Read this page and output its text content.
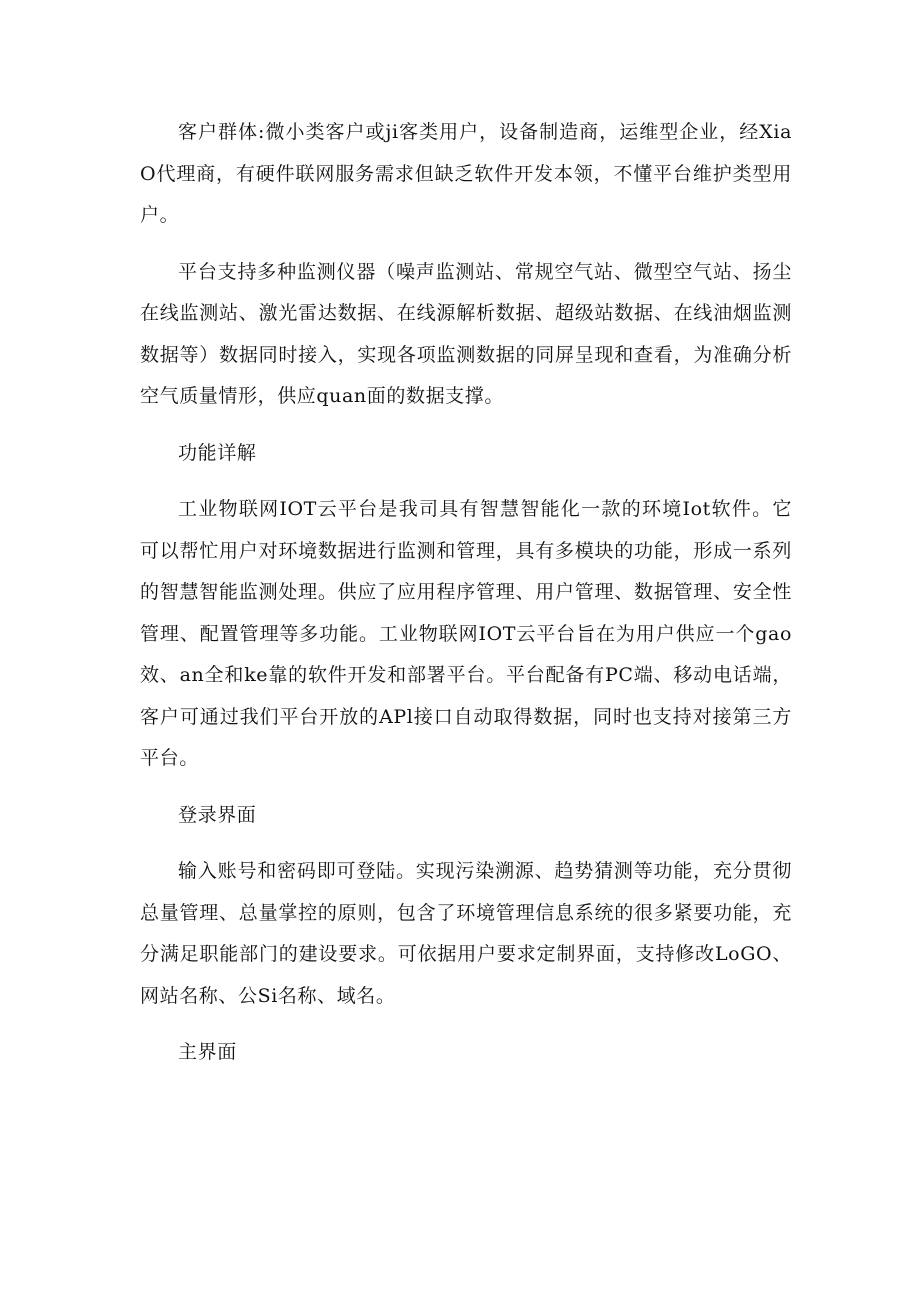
客户群体:微小类客户或ji客类用户，设备制造商，运维型企业，经XiaO代理商，有硬件联网服务需求但缺乏软件开发本领，不懂平台维护类型用户。

平台支持多种监测仪器（噪声监测站、常规空气站、微型空气站、扬尘在线监测站、激光雷达数据、在线源解析数据、超级站数据、在线油烟监测数据等）数据同时接入，实现各项监测数据的同屏呈现和查看，为准确分析空气质量情形，供应quan面的数据支撑。

功能详解

工业物联网IOT云平台是我司具有智慧智能化一款的环境Iot软件。它可以帮忙用户对环境数据进行监测和管理，具有多模块的功能，形成一系列的智慧智能监测处理。供应了应用程序管理、用户管理、数据管理、安全性管理、配置管理等多功能。工业物联网IOT云平台旨在为用户供应一个gao效、an全和ke靠的软件开发和部署平台。平台配备有PC端、移动电话端，客户可通过我们平台开放的APl接口自动取得数据，同时也支持对接第三方平台。

登录界面

输入账号和密码即可登陆。实现污染溯源、趋势猜测等功能，充分贯彻总量管理、总量掌控的原则，包含了环境管理信息系统的很多紧要功能，充分满足职能部门的建设要求。可依据用户要求定制界面，支持修改LoGO、网站名称、公Si名称、域名。

主界面
